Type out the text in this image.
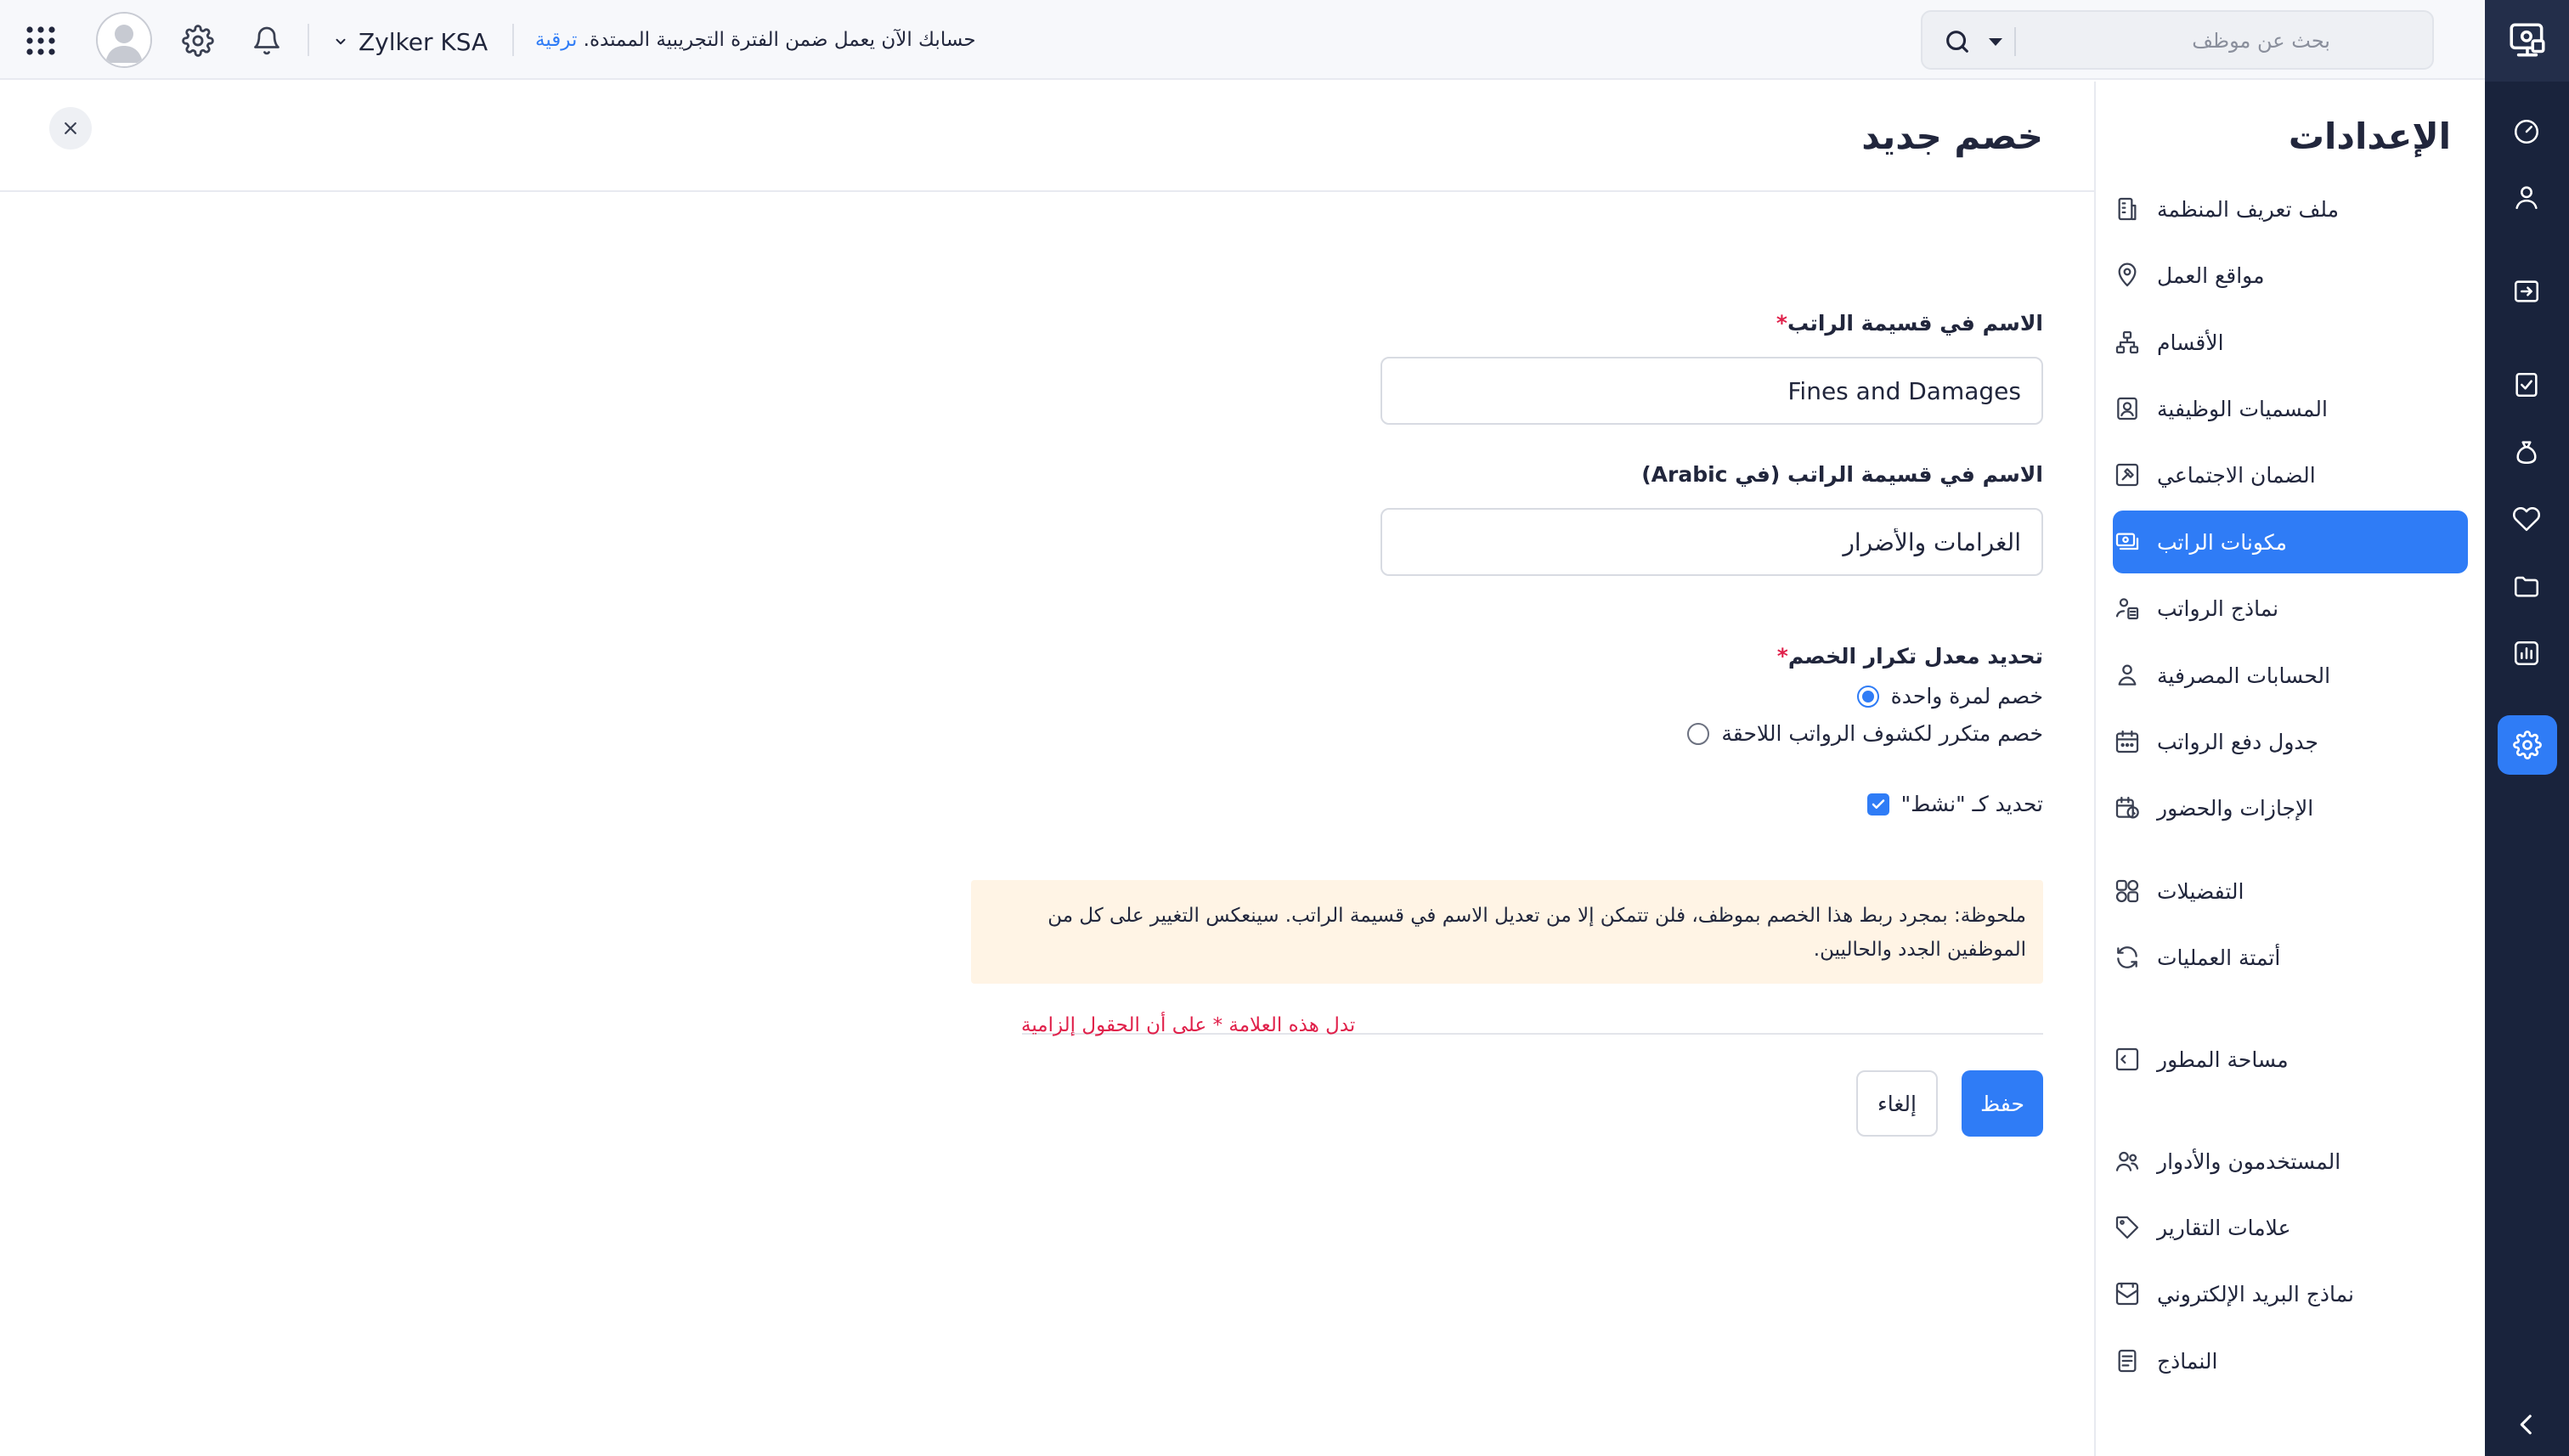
Zylker KSA	حسابك الآن يعمل ضمن الفترة التجريبية الممتدة. ترقية
بحث عن موظف
خصم جديد
الاسم في قسيمة الراتب*
Fines and Damages
الاسم في قسيمة الراتب (في Arabic)
الغرامات والأضرار
تحديد معدل تكرار الخصم*
خصم لمرة واحدة
خصم متكرر لكشوف الرواتب اللاحقة
تحديد كـ "نشط"
ملحوظة: بمجرد ربط هذا الخصم بموظف، فلن تتمكن إلا من تعديل الاسم في قسيمة الراتب. سينعكس التغيير على كل من الموظفين الجدد والحاليين.
حفظ
إلغاء
تدل هذه العلامة * على أن الحقول إلزامية
الإعدادات
ملف تعريف المنظمة
مواقع العمل
الأقسام
المسميات الوظيفية
الضمان الاجتماعي
مكونات الراتب
نماذج الرواتب
الحسابات المصرفية
جدول دفع الرواتب
الإجازات والحضور
التفضيلات
أتمتة العمليات
مساحة المطور
المستخدمون والأدوار
علامات التقارير
نماذج البريد الإلكتروني
النماذج
